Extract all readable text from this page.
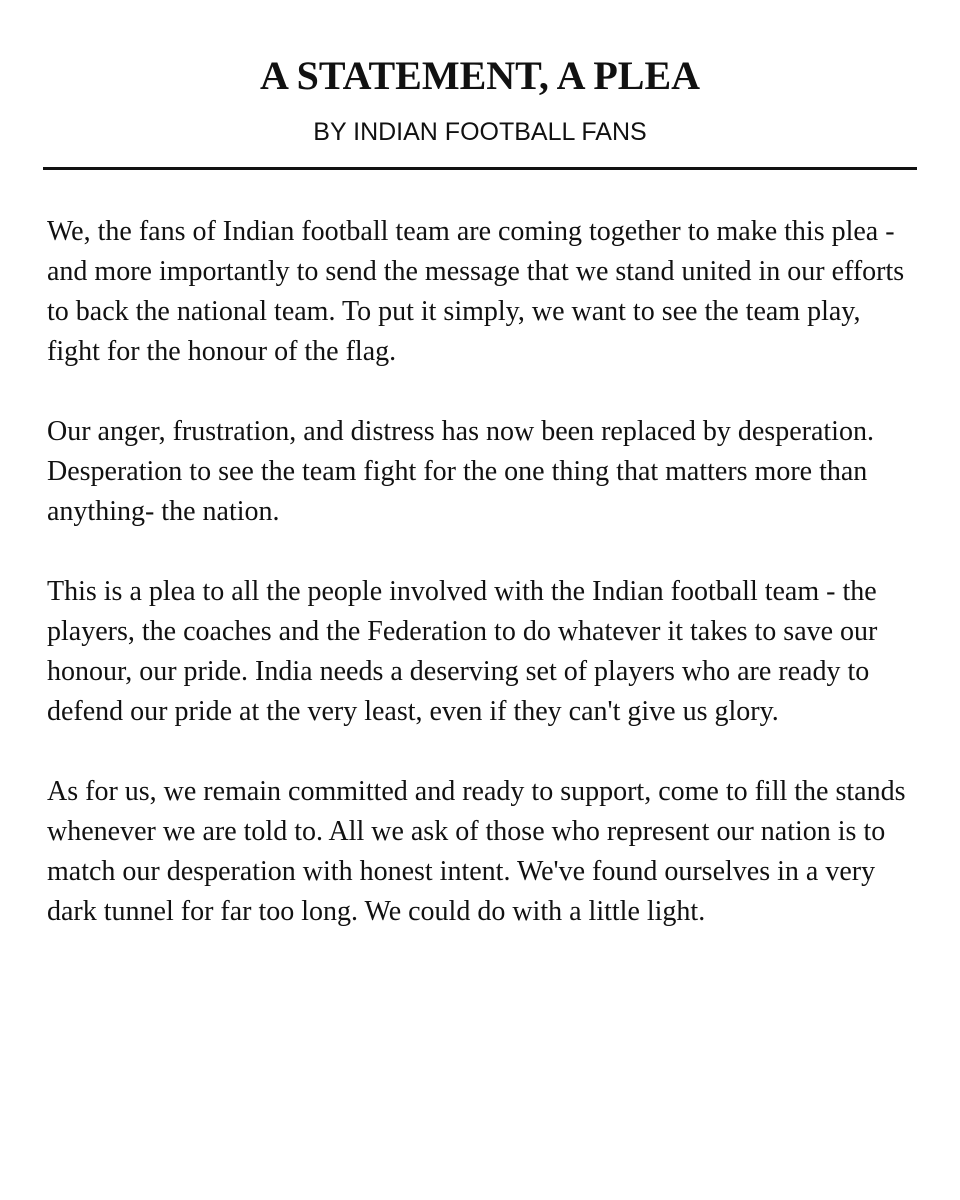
A STATEMENT, A PLEA
BY INDIAN FOOTBALL FANS

We, the fans of Indian football team are coming together to make this plea - and more importantly to send the message that we stand united in our efforts to back the national team. To put it simply, we want to see the team play, fight for the honour of the flag.

Our anger, frustration, and distress has now been replaced by desperation. Desperation to see the team fight for the one thing that matters more than anything- the nation.

This is a plea to all the people involved with the Indian football team - the players, the coaches and the Federation to do whatever it takes to save our honour, our pride. India needs a deserving set of players who are ready to defend our pride at the very least, even if they can't give us glory.

As for us, we remain committed and ready to support, come to fill the stands whenever we are told to. All we ask of those who represent our nation is to match our desperation with honest intent. We've found ourselves in a very dark tunnel for far too long. We could do with a little light.
